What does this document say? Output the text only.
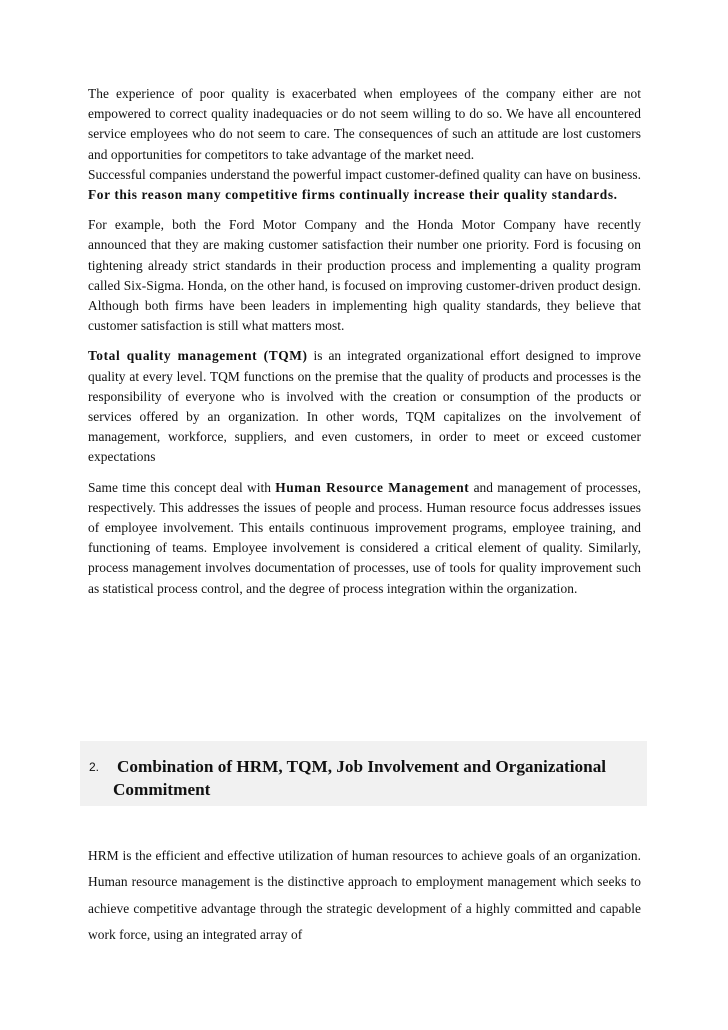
The experience of poor quality is exacerbated when employees of the company either are not empowered to correct quality inadequacies or do not seem willing to do so. We have all encountered service employees who do not seem to care. The consequences of such an attitude are lost customers and opportunities for competitors to take advantage of the market need.

Successful companies understand the powerful impact customer-defined quality can have on business. For this reason many competitive firms continually increase their quality standards.

For example, both the Ford Motor Company and the Honda Motor Company have recently announced that they are making customer satisfaction their number one priority. Ford is focusing on tightening already strict standards in their production process and implementing a quality program called Six-Sigma. Honda, on the other hand, is focused on improving customer-driven product design. Although both firms have been leaders in implementing high quality standards, they believe that customer satisfaction is still what matters most.

Total quality management (TQM) is an integrated organizational effort designed to improve quality at every level. TQM functions on the premise that the quality of products and processes is the responsibility of everyone who is involved with the creation or consumption of the products or services offered by an organization. In other words, TQM capitalizes on the involvement of management, workforce, suppliers, and even customers, in order to meet or exceed customer expectations

Same time this concept deal with Human Resource Management and management of processes, respectively. This addresses the issues of people and process. Human resource focus addresses issues of employee involvement. This entails continuous improvement programs, employee training, and functioning of teams. Employee involvement is considered a critical element of quality. Similarly, process management involves documentation of processes, use of tools for quality improvement such as statistical process control, and the degree of process integration within the organization.

2. Combination of HRM, TQM, Job Involvement and Organizational
Commitment

HRM is the efficient and effective utilization of human resources to achieve goals of an organization. Human resource management is the distinctive approach to employment management which seeks to achieve competitive advantage through the strategic development of a highly committed and capable work force, using an integrated array of
